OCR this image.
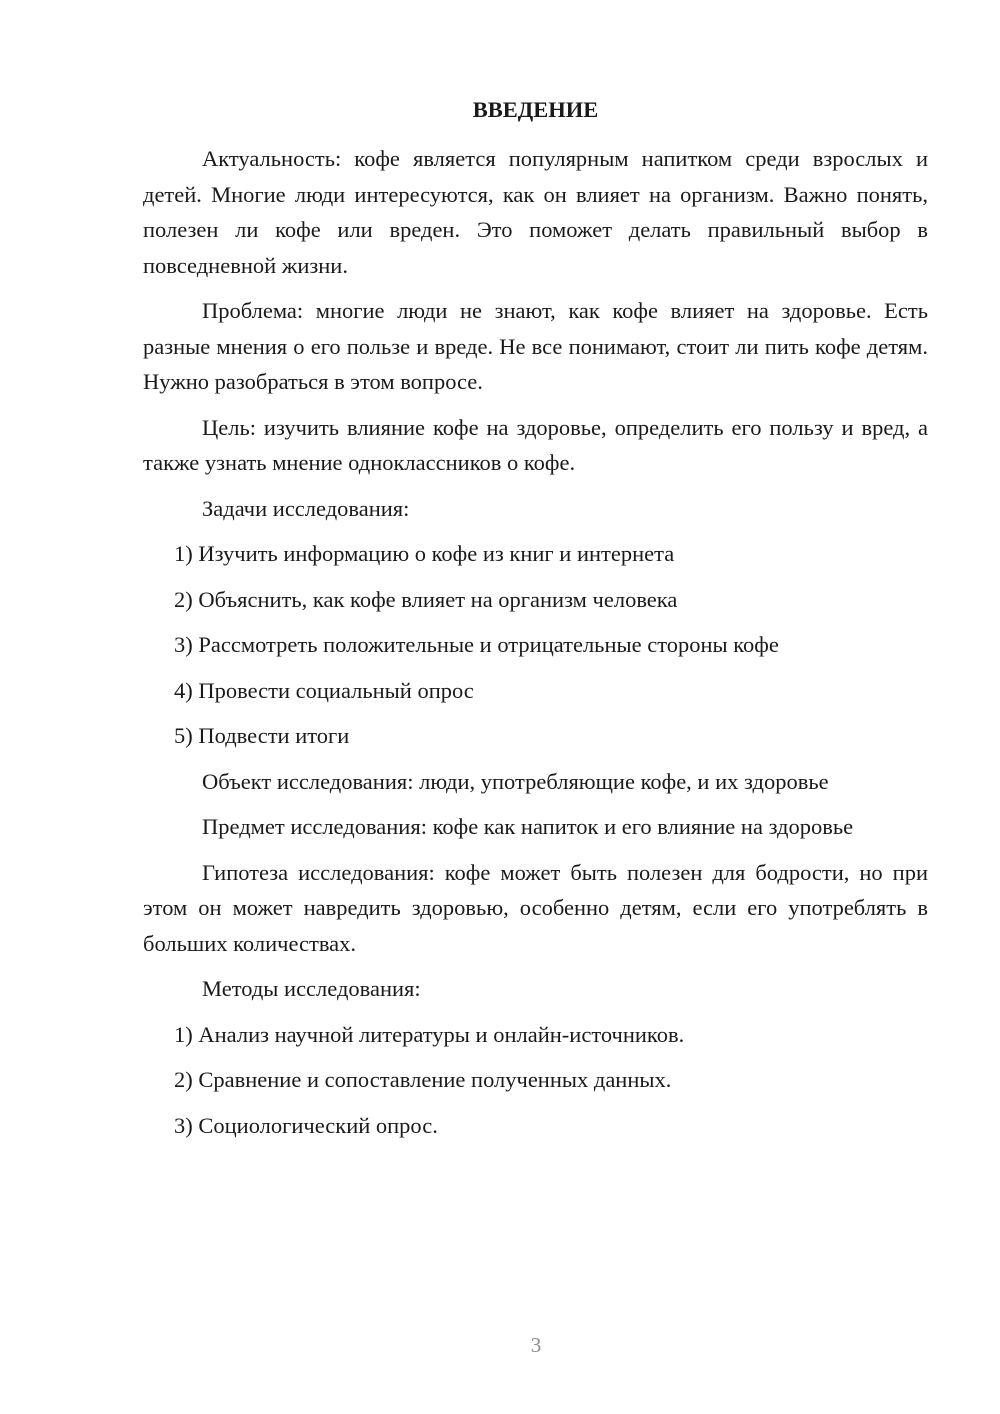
ВВЕДЕНИЕ

Актуальность: кофе является популярным напитком среди взрослых и детей. Многие люди интересуются, как он влияет на организм. Важно понять, полезен ли кофе или вреден. Это поможет делать правильный выбор в повседневной жизни.

Проблема: многие люди не знают, как кофе влияет на здоровье. Есть разные мнения о его пользе и вреде. Не все понимают, стоит ли пить кофе детям. Нужно разобраться в этом вопросе.

Цель: изучить влияние кофе на здоровье, определить его пользу и вред, а также узнать мнение одноклассников о кофе.

Задачи исследования:

1) Изучить информацию о кофе из книг и интернета
2) Объяснить, как кофе влияет на организм человека
3) Рассмотреть положительные и отрицательные стороны кофе
4) Провести социальный опрос
5) Подвести итоги

Объект исследования: люди, употребляющие кофе, и их здоровье

Предмет исследования: кофе как напиток и его влияние на здоровье

Гипотеза исследования: кофе может быть полезен для бодрости, но при этом он может навредить здоровью, особенно детям, если его употреблять в больших количествах.

Методы исследования:

1) Анализ научной литературы и онлайн-источников.
2) Сравнение и сопоставление полученных данных.
3) Социологический опрос.
3
